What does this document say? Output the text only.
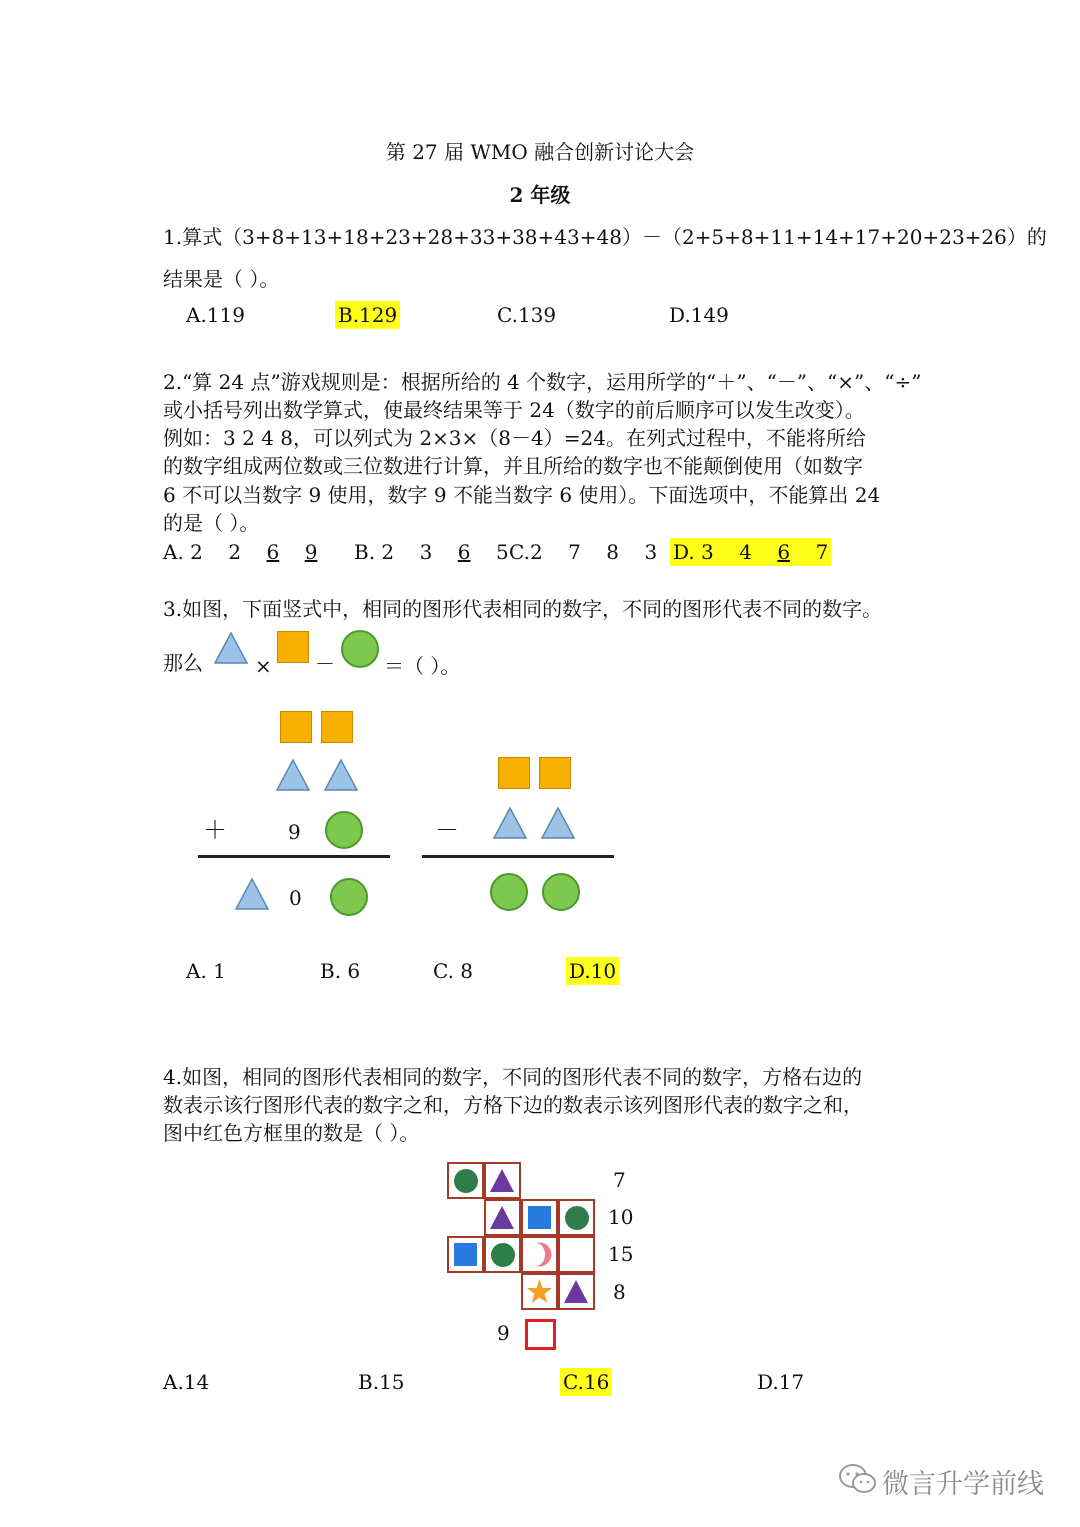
第 27 届 WMO 融合创新讨论大会
2 年级
1.算式（3+8+13+18+23+28+33+38+43+48）－（2+5+8+11+14+17+20+23+26）的
结果是（ ）。
A.119	B.129	C.139	D.149
2.“算 24 点”游戏规则是：根据所给的 4 个数字，运用所学的“＋”、“－”、“×”、“÷”
或小括号列出数学算式，使最终结果等于 24（数字的前后顺序可以发生改变）。
例如：3 2 4 8，可以列式为 2×3×（8－4）=24。在列式过程中，不能将所给
的数字组成两位数或三位数进行计算，并且所给的数字也不能颠倒使用（如数字
6 不可以当数字 9 使用，数字 9 不能当数字 6 使用）。下面选项中，不能算出 24
的是（ ）。
A. 2 2 6 9 B. 2 3 6 5 C.2 7 8 3 D. 3 4 6 7
3.如图，下面竖式中，相同的图形代表相同的数字，不同的图形代表不同的数字。
那么	× － ＝（ ）。
＋	9
0
－
A. 1	B. 6	C. 8	D.10
4.如图，相同的图形代表相同的数字，不同的图形代表不同的数字，方格右边的
数表示该行图形代表的数字之和，方格下边的数表示该列图形代表的数字之和，
图中红色方框里的数是（ ）。
7
10
15
8
9
A.14	B.15	C.16	D.17
微言升学前线
